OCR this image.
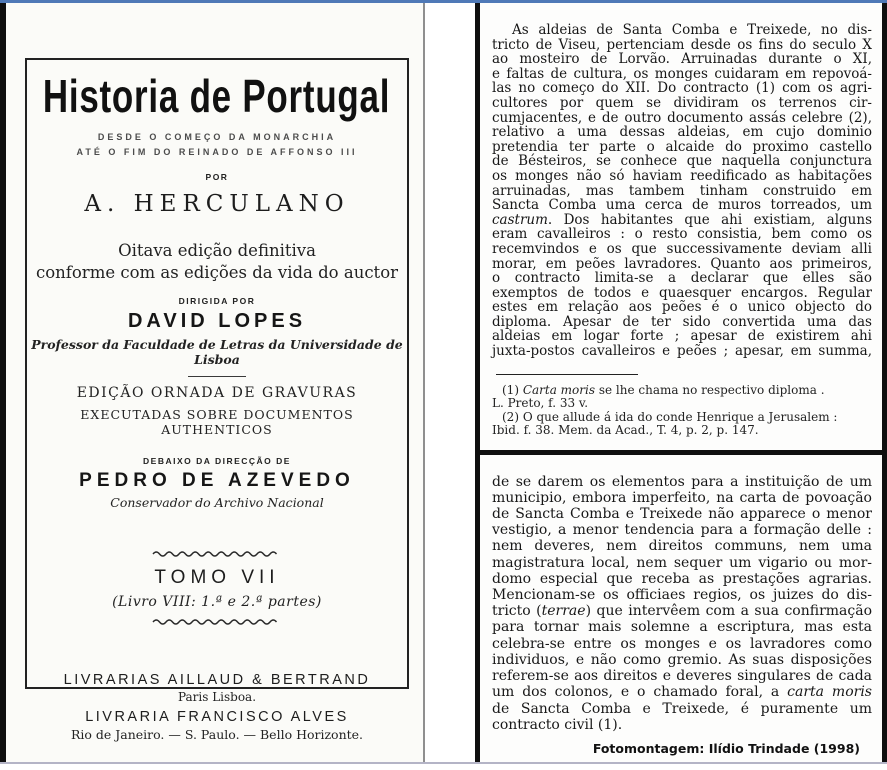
Historia de Portugal
DESDE O COMEÇO DA MONARCHIA
ATÉ O FIM DO REINADO DE AFFONSO III
POR
A. HERCULANO
Oitava edição definitiva
conforme com as edições da vida do auctor
DIRIGIDA POR
DAVID LOPES
Professor da Faculdade de Letras da Universidade de Lisboa
EDIÇÃO ORNADA DE GRAVURAS
EXECUTADAS SOBRE DOCUMENTOS AUTHENTICOS
DEBAIXO DA DIRECÇÃO DE
PEDRO DE AZEVEDO
Conservador do Archivo Nacional
TOMO VII
(Livro VIII: 1.ª e 2.ª partes)
LIVRARIAS AILLAUD & BERTRAND
Paris Lisboa.
LIVRARIA FRANCISCO ALVES
Rio de Janeiro. — S. Paulo. — Bello Horizonte.
As aldeias de Santa Comba e Treixede, no dis-
tricto de Viseu, pertenciam desde os fins do seculo X
ao mosteiro de Lorvão. Arruinadas durante o XI,
e faltas de cultura, os monges cuidaram em repovoá-
las no começo do XII. Do contracto (1) com os agri-
cultores por quem se dividiram os terrenos cir-
cumjacentes, e de outro documento assás celebre (2),
relativo a uma dessas aldeias, em cujo dominio
pretendia ter parte o alcaide do proximo castello
de Bésteiros, se conhece que naquella conjunctura
os monges não só haviam reedificado as habitações
arruinadas, mas tambem tinham construido em
Sancta Comba uma cerca de muros torreados, um
castrum. Dos habitantes que ahi existiam, alguns
eram cavalleiros : o resto consistia, bem como os
recemvindos e os que successivamente deviam alli
morar, em peões lavradores. Quanto aos primeiros,
o contracto limita-se a declarar que elles são
exemptos de todos e quaesquer encargos. Regular
estes em relação aos peões é o unico objecto do
diploma. Apesar de ter sido convertida uma das
aldeias em logar forte ; apesar de existirem ahi
juxta-postos cavalleiros e peões ; apesar, em summa,
(1) Carta moris se lhe chama no respectivo diploma .
L. Preto, f. 33 v.
(2) O que allude á ida do conde Henrique a Jerusalem :
Ibid. f. 38. Mem. da Acad., T. 4, p. 2, p. 147.
de se darem os elementos para a instituição de um
municipio, embora imperfeito, na carta de povoação
de Sancta Comba e Treixede não apparece o menor
vestigio, a menor tendencia para a formação delle :
nem deveres, nem direitos communs, nem uma
magistratura local, nem sequer um vigario ou mor-
domo especial que receba as prestações agrarias.
Mencionam-se os officiaes regios, os juizes do dis-
tricto (terrae) que intervêem com a sua confirmação
para tornar mais solemne a escriptura, mas esta
celebra-se entre os monges e os lavradores como
individuos, e não como gremio. As suas disposições
referem-se aos direitos e deveres singulares de cada
um dos colonos, e o chamado foral, a carta moris
de Sancta Comba e Treixede, é puramente um
contracto civil (1).
Fotomontagem: Ilídio Trindade (1998)
